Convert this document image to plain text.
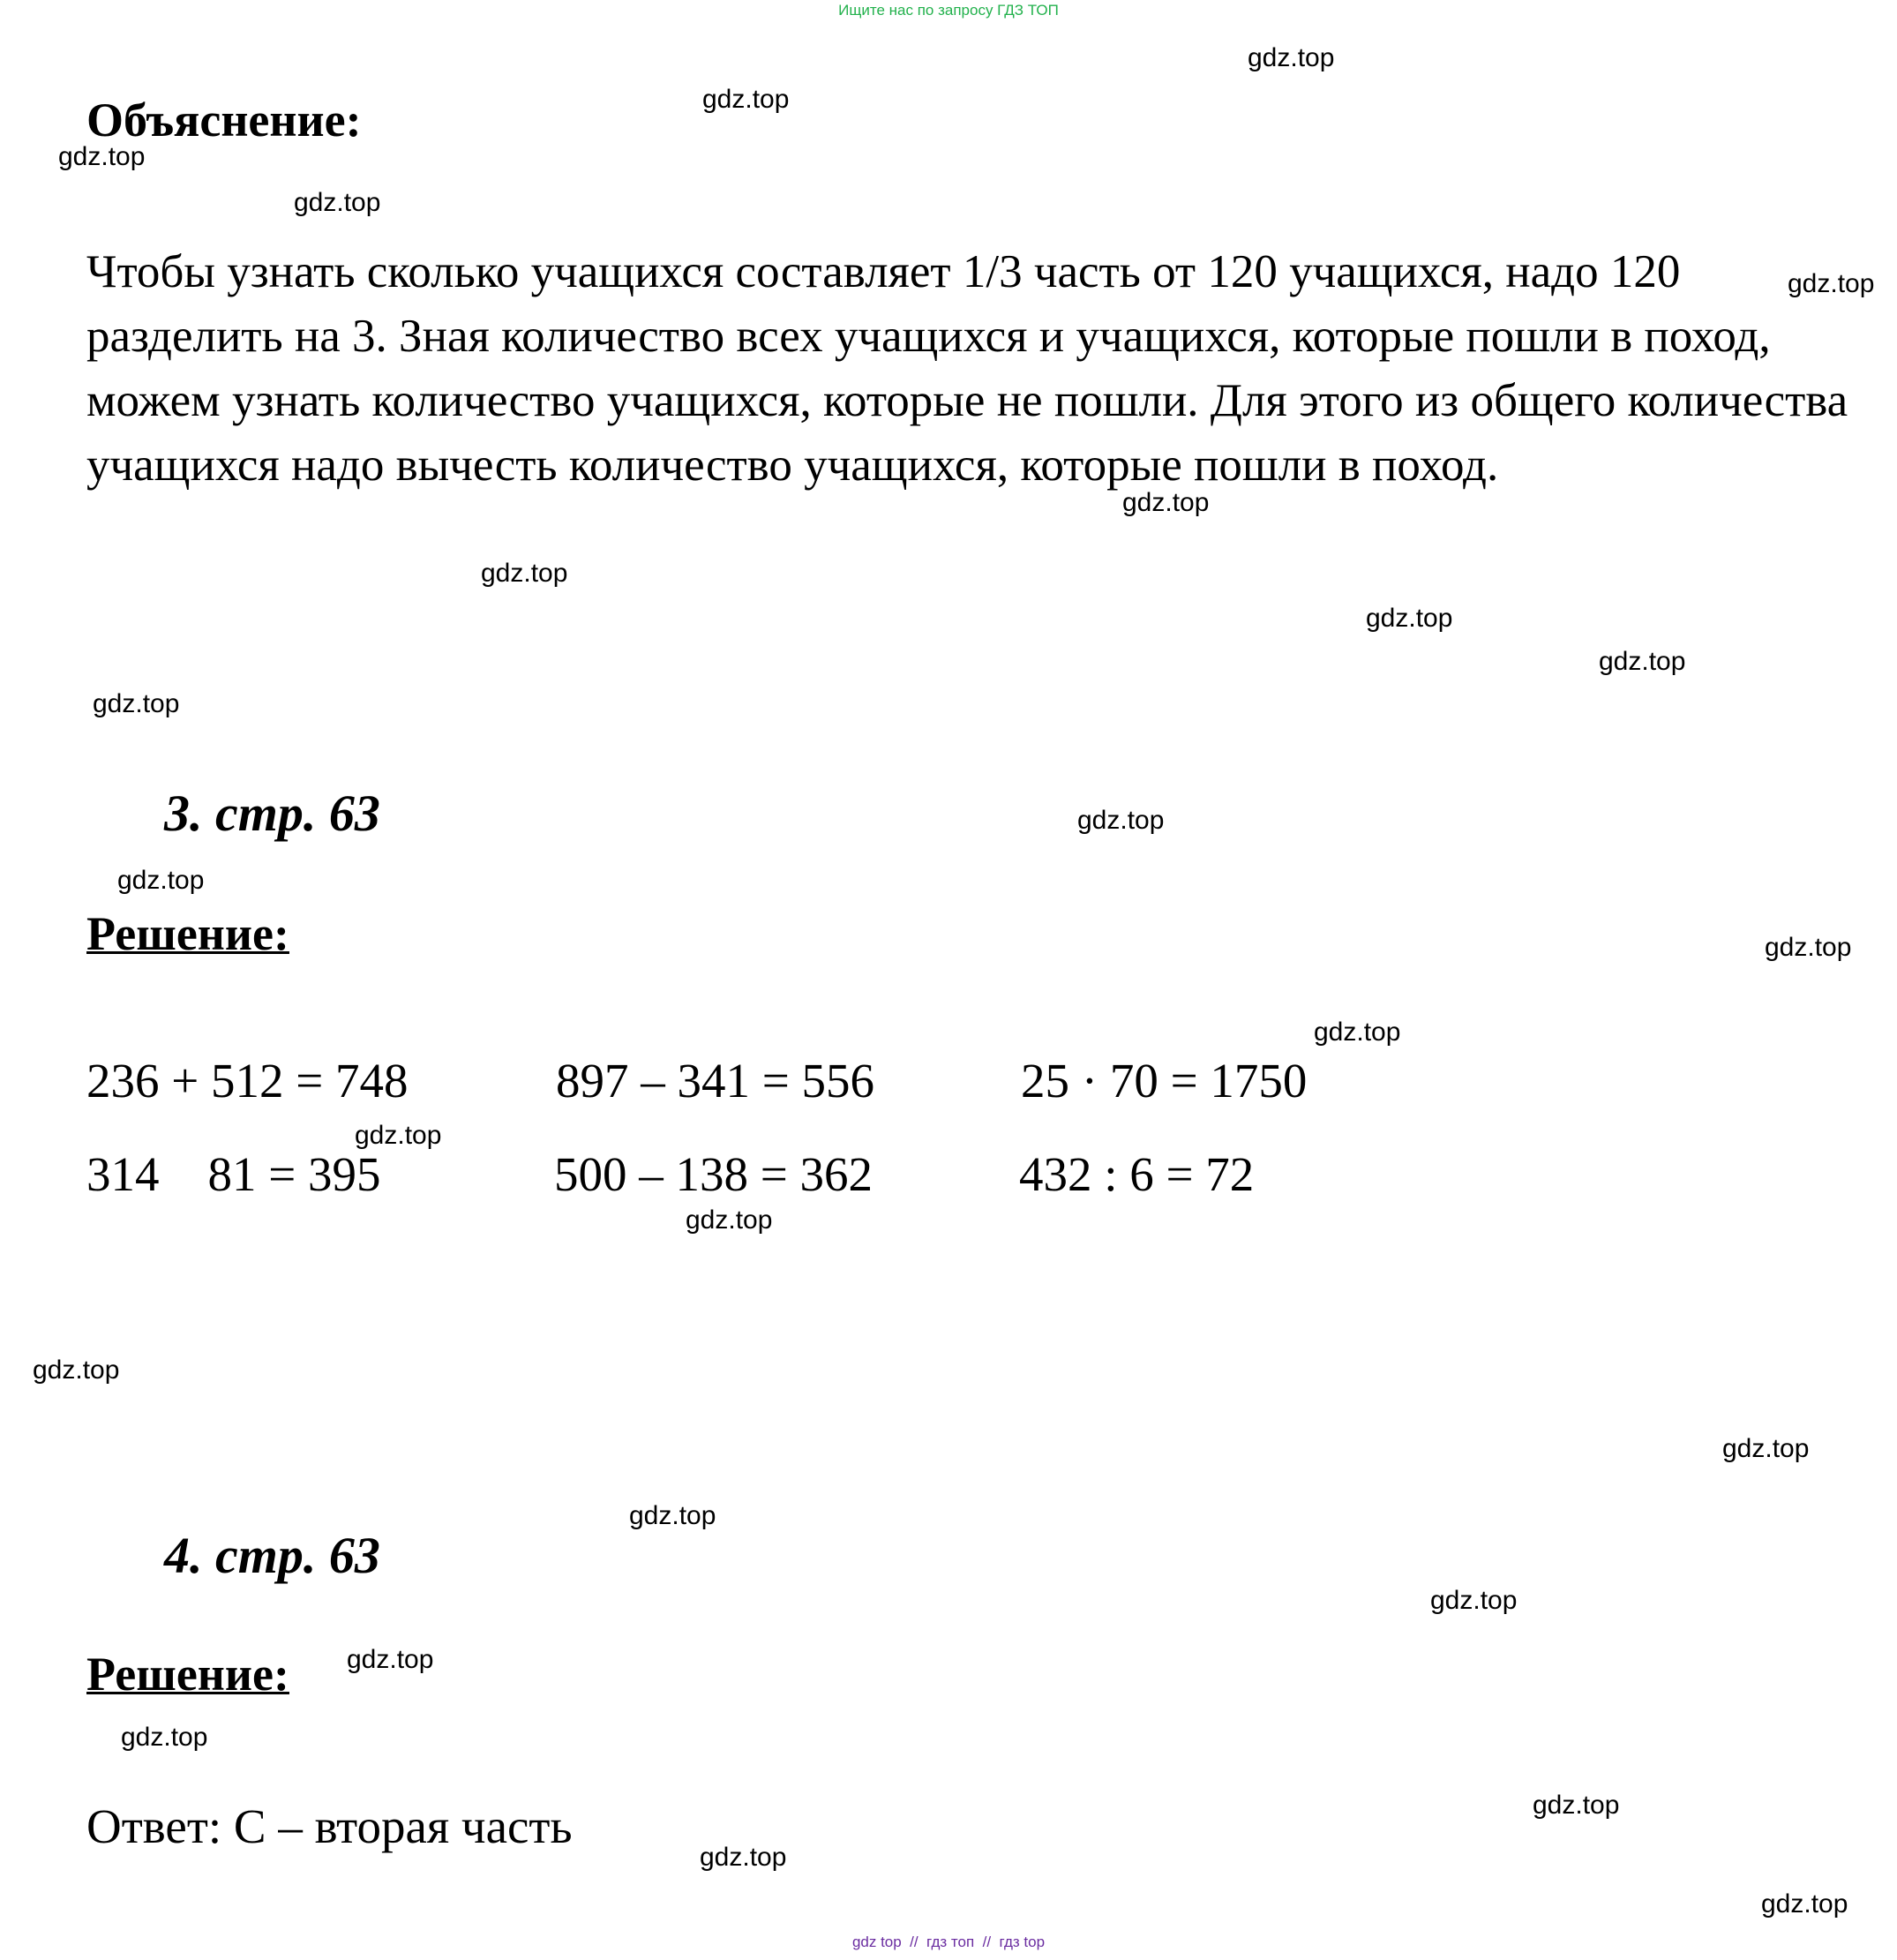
Ищите нас по запросу ГДЗ ТОП
Объяснение:
Чтобы узнать сколько учащихся составляет 1/3 часть от 120 учащихся, надо 120 разделить на 3. Зная количество всех учащихся и учащихся, которые пошли в поход, можем узнать количество учащихся, которые не пошли. Для этого из общего количества учащихся надо вычесть количество учащихся, которые пошли в поход.
3. стр. 63
Решение:
236 + 512 = 748	897 – 341 = 556	25 · 70 = 1750
314    81 = 395	500 – 138 = 362	432 : 6 = 72
4. стр. 63
Решение:
Ответ: С – вторая часть
gdz.top
gdz.top
gdz.top
gdz.top
gdz.top
gdz.top
gdz.top
gdz.top
gdz.top
gdz.top
gdz.top
gdz.top
gdz.top
gdz.top
gdz.top
gdz.top
gdz.top
gdz.top
gdz.top
gdz.top
gdz.top
gdz.top
gdz.top
gdz.top
gdz.top
gdz top  //  гдз топ  //  гдз top
